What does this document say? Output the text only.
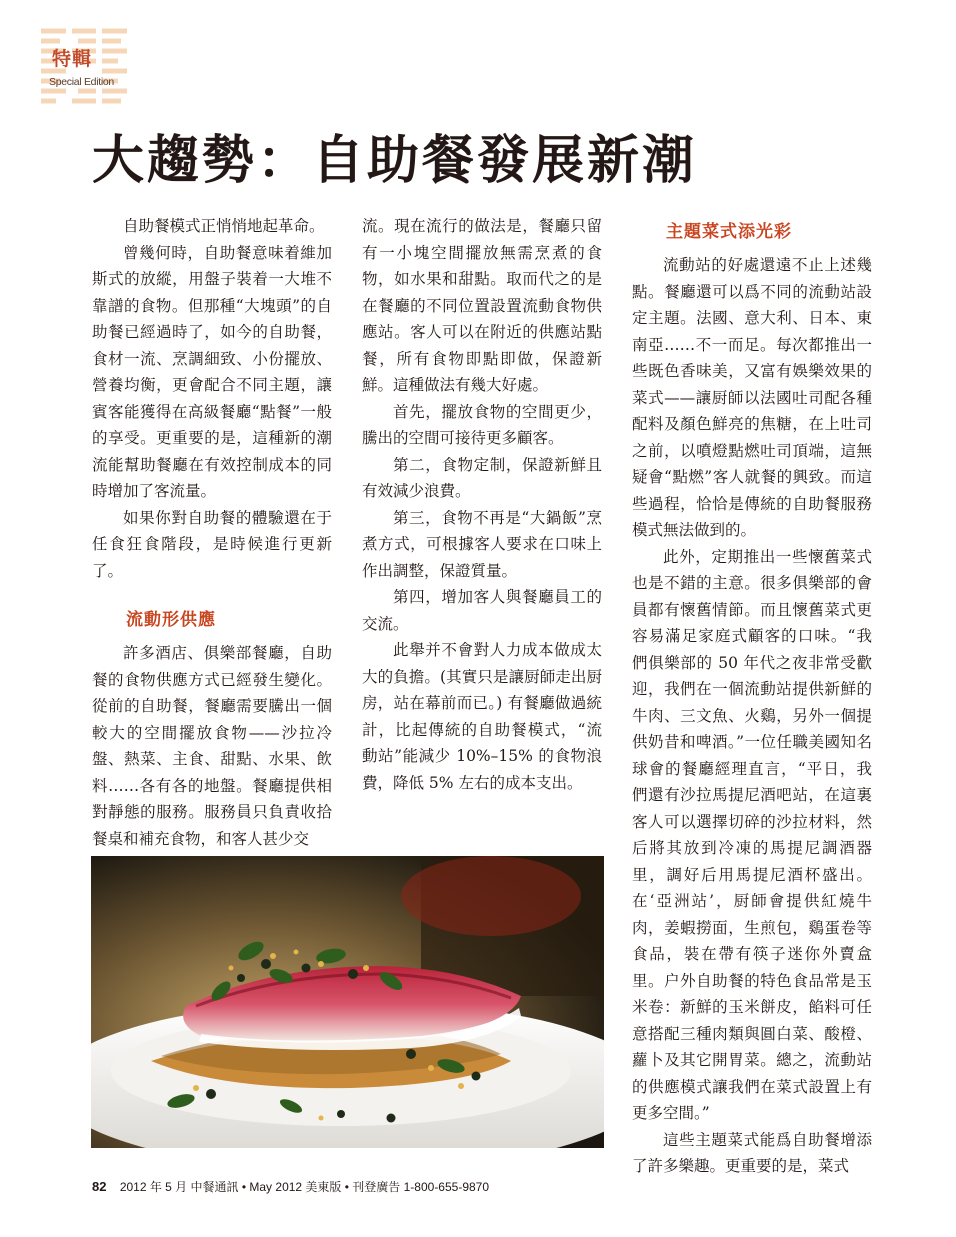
特輯
Special Edition
大趨勢：自助餐發展新潮

自助餐模式正悄悄地起革命。

曾幾何時，自助餐意味着維加斯式的放縱，用盤子裝着一大堆不靠譜的食物。但那種“大塊頭”的自助餐已經過時了，如今的自助餐，食材一流、烹調細致、小份擺放、營養均衡，更會配合不同主題，讓賓客能獲得在高級餐廳“點餐”一般的享受。更重要的是，這種新的潮流能幫助餐廳在有效控制成本的同時增加了客流量。

如果你對自助餐的體驗還在于任食狂食階段，是時候進行更新了。

流動形供應

許多酒店、俱樂部餐廳，自助餐的食物供應方式已經發生變化。從前的自助餐，餐廳需要騰出一個較大的空間擺放食物——沙拉冷盤、熱菜、主食、甜點、水果、飲料……各有各的地盤。餐廳提供相對靜態的服務。服務員只負責收拾餐桌和補充食物，和客人甚少交

流。現在流行的做法是，餐廳只留有一小塊空間擺放無需烹煮的食物，如水果和甜點。取而代之的是在餐廳的不同位置設置流動食物供應站。客人可以在附近的供應站點餐，所有食物即點即做，保證新鮮。這種做法有幾大好處。

首先，擺放食物的空間更少，騰出的空間可接待更多顧客。

第二，食物定制，保證新鮮且有效減少浪費。

第三，食物不再是“大鍋飯”烹煮方式，可根據客人要求在口味上作出調整，保證質量。

第四，增加客人與餐廳員工的交流。

此舉并不會對人力成本做成太大的負擔。(其實只是讓厨師走出厨房，站在幕前而已。) 有餐廳做過統計，比起傳統的自助餐模式，“流動站”能減少 10%–15% 的食物浪費，降低 5% 左右的成本支出。

主題菜式添光彩

流動站的好處還遠不止上述幾點。餐廳還可以爲不同的流動站設定主題。法國、意大利、日本、東南亞……不一而足。每次都推出一些既色香味美，又富有娛樂效果的菜式——讓厨師以法國吐司配各種配料及顏色鮮亮的焦糖，在上吐司之前，以噴燈點燃吐司頂端，這無疑會“點燃”客人就餐的興致。而這些過程，恰恰是傳統的自助餐服務模式無法做到的。

此外，定期推出一些懷舊菜式也是不錯的主意。很多俱樂部的會員都有懷舊情節。而且懷舊菜式更容易滿足家庭式顧客的口味。“我們俱樂部的 50 年代之夜非常受歡迎，我們在一個流動站提供新鮮的牛肉、三文魚、火鷄，另外一個提供奶昔和啤酒。”一位任職美國知名球會的餐廳經理直言，“平日，我們還有沙拉馬提尼酒吧站，在這裏客人可以選擇切碎的沙拉材料，然后將其放到冷凍的馬提尼調酒器里，調好后用馬提尼酒杯盛出。在‘亞洲站’，厨師會提供紅燒牛肉，姜蝦撈面，生煎包，鷄蛋卷等食品，裝在帶有筷子迷你外賣盒里。户外自助餐的特色食品常是玉米卷：新鮮的玉米餅皮，餡料可任意搭配三種肉類與圓白菜、酸橙、蘿卜及其它開胃菜。總之，流動站的供應模式讓我們在菜式設置上有更多空間。”

這些主題菜式能爲自助餐增添了許多樂趣。更重要的是，菜式

82 2012 年 5 月 中餐通訊 • May 2012 美東版 • 刊登廣告 1-800-655-9870
